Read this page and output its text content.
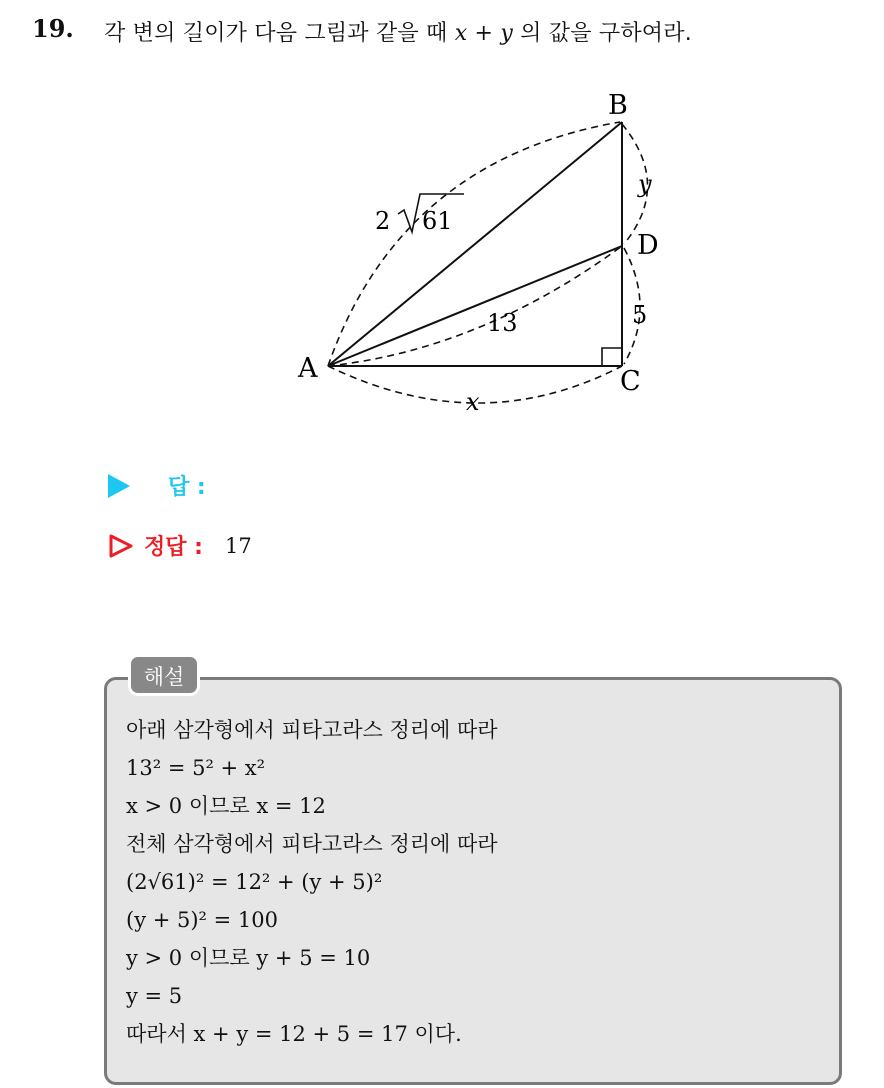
19. 각 변의 길이가 다음 그림과 같을 때 x + y 의 값을 구하여라.
A
B
C
D
2 61
13	5
y
x
답 :
정답 : 17
해설
아래 삼각형에서 피타고라스 정리에 따라
13² = 5² + x²
x > 0 이므로 x = 12
전체 삼각형에서 피타고라스 정리에 따라
(2√61)² = 12² + (y + 5)²
(y + 5)² = 100
y > 0 이므로 y + 5 = 10
y = 5
따라서 x + y = 12 + 5 = 17 이다.
